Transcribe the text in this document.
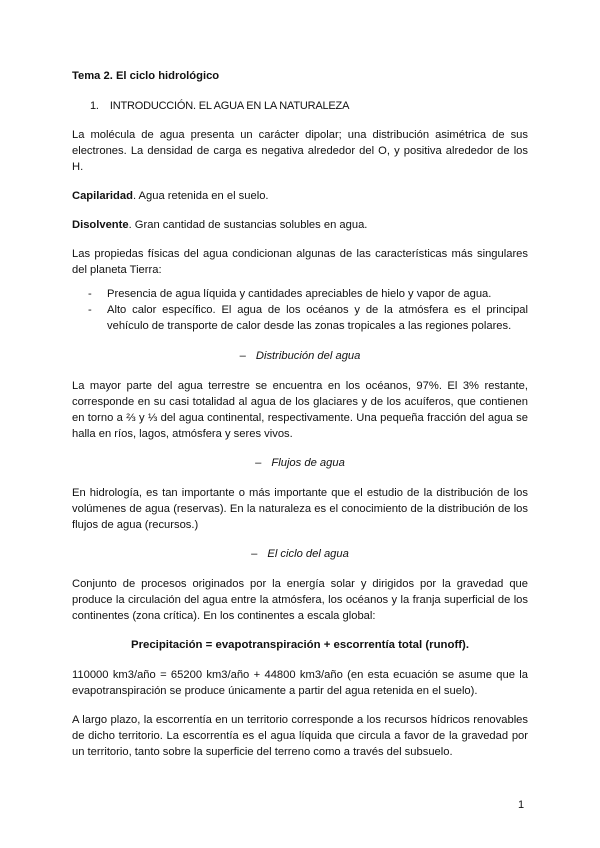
Tema 2. El ciclo hidrológico

1. INTRODUCCIÓN. EL AGUA EN LA NATURALEZA

La molécula de agua presenta un carácter dipolar; una distribución asimétrica de sus electrones. La densidad de carga es negativa alrededor del O, y positiva alrededor de los H.

Capilaridad. Agua retenida en el suelo.

Disolvente. Gran cantidad de sustancias solubles en agua.

Las propiedas físicas del agua condicionan algunas de las características más singulares del planeta Tierra:

- Presencia de agua líquida y cantidades apreciables de hielo y vapor de agua.
- Alto calor específico. El agua de los océanos y de la atmósfera es el principal vehículo de transporte de calor desde las zonas tropicales a las regiones polares.

– Distribución del agua

La mayor parte del agua terrestre se encuentra en los océanos, 97%. El 3% restante, corresponde en su casi totalidad al agua de los glaciares y de los acuíferos, que contienen en torno a ⅔ y ⅓ del agua continental, respectivamente. Una pequeña fracción del agua se halla en ríos, lagos, atmósfera y seres vivos.

– Flujos de agua

En hidrología, es tan importante o más importante que el estudio de la distribución de los volúmenes de agua (reservas). En la naturaleza es el conocimiento de la distribución de los flujos de agua (recursos.)

– El ciclo del agua

Conjunto de procesos originados por la energía solar y dirigidos por la gravedad que produce la circulación del agua entre la atmósfera, los océanos y la franja superficial de los continentes (zona crítica). En los continentes a escala global:

Precipitación = evapotranspiración + escorrentía total (runoff).

110000 km3/año = 65200 km3/año + 44800 km3/año (en esta ecuación se asume que la evapotranspiración se produce únicamente a partir del agua retenida en el suelo).

A largo plazo, la escorrentía en un territorio corresponde a los recursos hídricos renovables de dicho territorio. La escorrentía es el agua líquida que circula a favor de la gravedad por un territorio, tanto sobre la superficie del terreno como a través del subsuelo.

1
